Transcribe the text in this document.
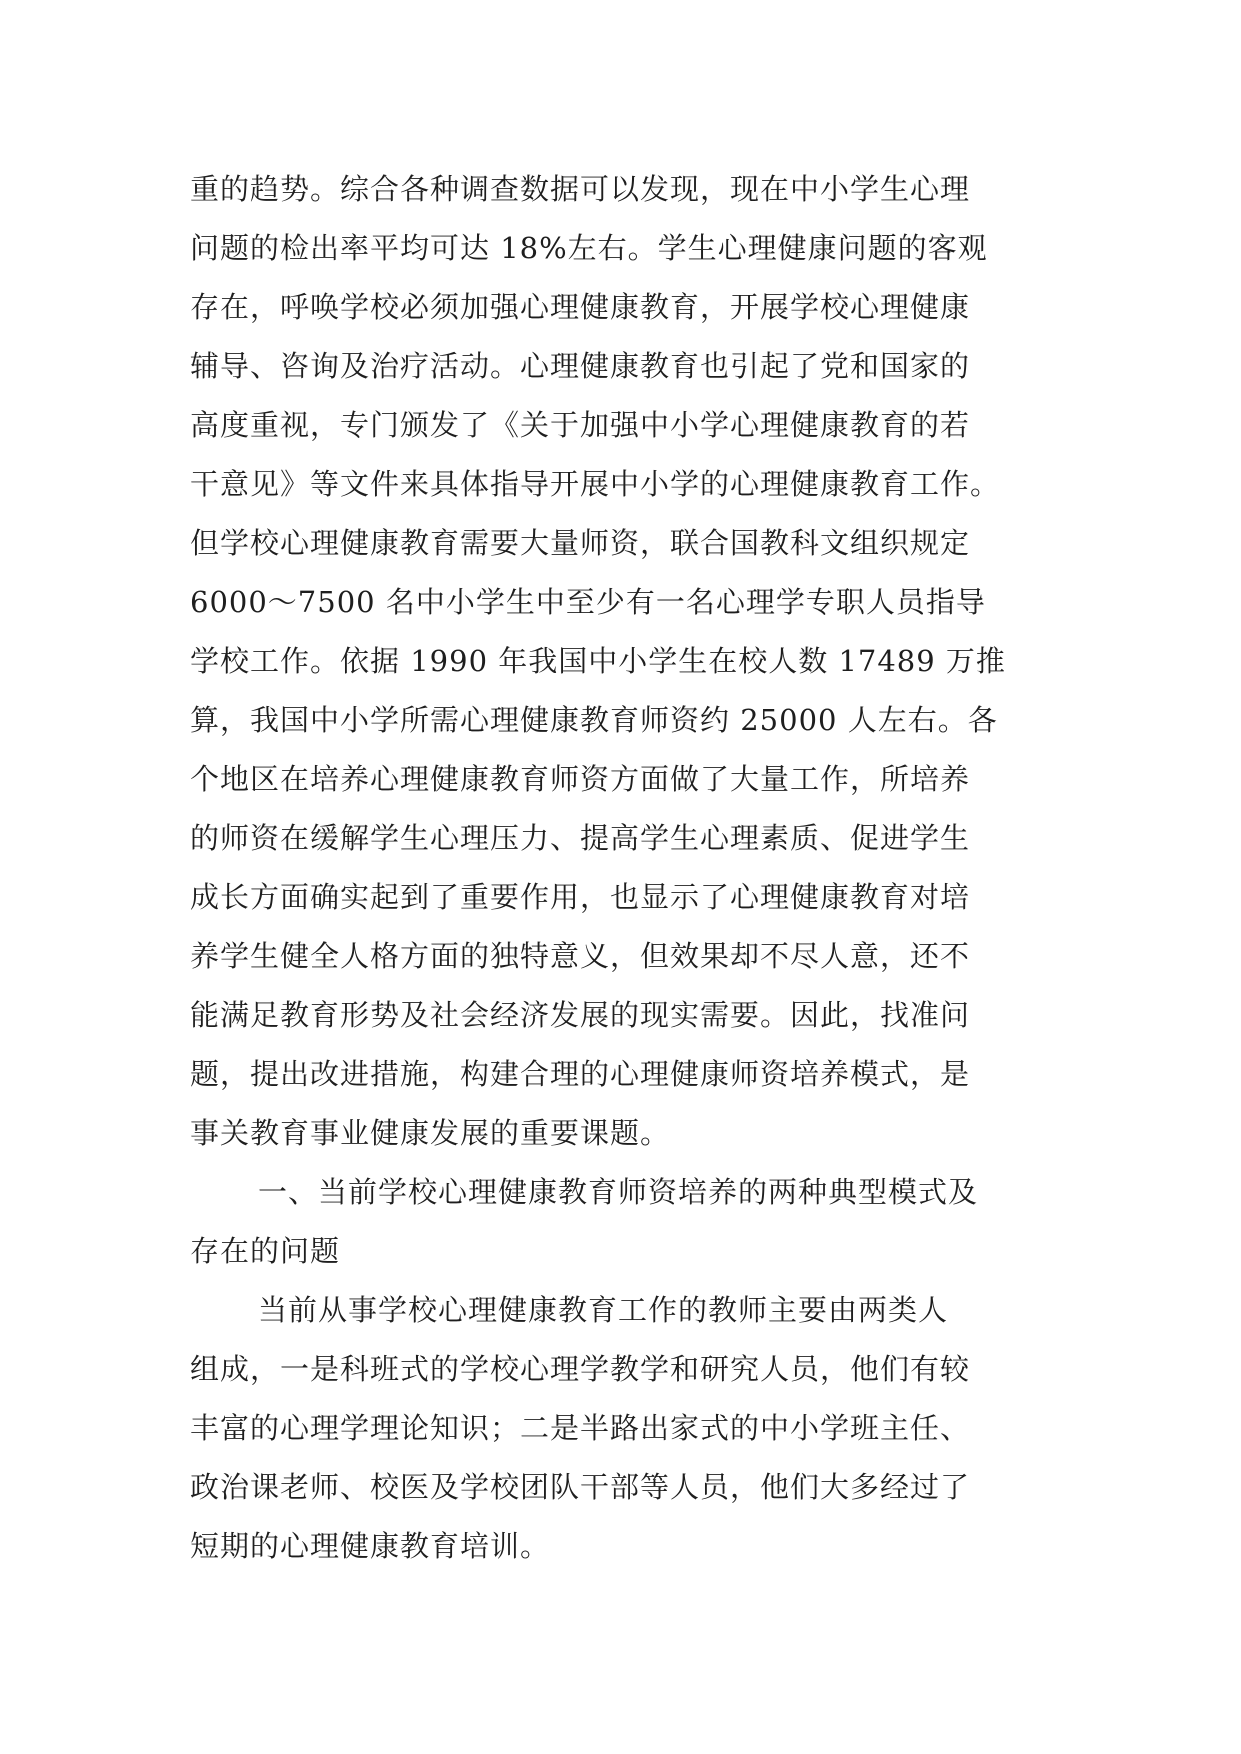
重的趋势。综合各种调查数据可以发现，现在中小学生心理
问题的检出率平均可达 18%左右。学生心理健康问题的客观
存在，呼唤学校必须加强心理健康教育，开展学校心理健康
辅导、咨询及治疗活动。心理健康教育也引起了党和国家的
高度重视，专门颁发了《关于加强中小学心理健康教育的若
干意见》等文件来具体指导开展中小学的心理健康教育工作。
但学校心理健康教育需要大量师资，联合国教科文组织规定
6000～7500 名中小学生中至少有一名心理学专职人员指导
学校工作。依据 1990 年我国中小学生在校人数 17489 万推
算，我国中小学所需心理健康教育师资约 25000 人左右。各
个地区在培养心理健康教育师资方面做了大量工作，所培养
的师资在缓解学生心理压力、提高学生心理素质、促进学生
成长方面确实起到了重要作用，也显示了心理健康教育对培
养学生健全人格方面的独特意义，但效果却不尽人意，还不
能满足教育形势及社会经济发展的现实需要。因此，找准问
题，提出改进措施，构建合理的心理健康师资培养模式，是
事关教育事业健康发展的重要课题。
一、当前学校心理健康教育师资培养的两种典型模式及
存在的问题
当前从事学校心理健康教育工作的教师主要由两类人
组成，一是科班式的学校心理学教学和研究人员，他们有较
丰富的心理学理论知识；二是半路出家式的中小学班主任、
政治课老师、校医及学校团队干部等人员，他们大多经过了
短期的心理健康教育培训。
